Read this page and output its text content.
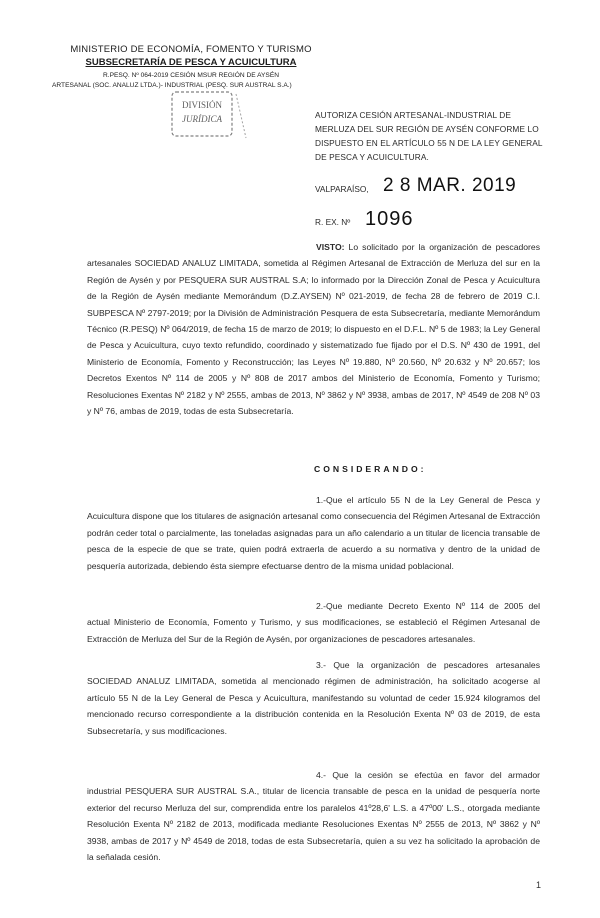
MINISTERIO DE ECONOMÍA, FOMENTO Y TURISMO
SUBSECRETARÍA DE PESCA Y ACUICULTURA
R.PESQ. Nº 064-2019 CESIÓN MSUR REGIÓN DE AYSÉN
ARTESANAL (SOC. ANALUZ LTDA.)- INDUSTRIAL (PESQ. SUR AUSTRAL S.A.)
DIVISIÓN
JURÍDICA	AUTORIZA CESIÓN ARTESANAL-INDUSTRIAL DE MERLUZA DEL SUR REGIÓN DE AYSÉN CONFORME LO DISPUESTO EN EL ARTÍCULO 55 N DE LA LEY GENERAL DE PESCA Y ACUICULTURA.
VALPARAÍSO, 2 8 MAR. 2019
R. EX. Nº 1096
VISTO: Lo solicitado por la organización de pescadores artesanales SOCIEDAD ANALUZ LIMITADA, sometida al Régimen Artesanal de Extracción de Merluza del sur en la Región de Aysén y por PESQUERA SUR AUSTRAL S.A; lo informado por la Dirección Zonal de Pesca y Acuicultura de la Región de Aysén mediante Memorándum (D.Z.AYSEN) Nº 021-2019, de fecha 28 de febrero de 2019 C.I. SUBPESCA Nº 2797-2019; por la División de Administración Pesquera de esta Subsecretaría, mediante Memorándum Técnico (R.PESQ) Nº 064/2019, de fecha 15 de marzo de 2019; lo dispuesto en el D.F.L. Nº 5 de 1983; la Ley General de Pesca y Acuicultura, cuyo texto refundido, coordinado y sistematizado fue fijado por el D.S. Nº 430 de 1991, del Ministerio de Economía, Fomento y Reconstrucción; las Leyes Nº 19.880, Nº 20.560, Nº 20.632 y Nº 20.657; los Decretos Exentos Nº 114 de 2005 y Nº 808 de 2017 ambos del Ministerio de Economía, Fomento y Turismo; Resoluciones Exentas Nº 2182 y Nº 2555, ambas de 2013, Nº 3862 y Nº 3938, ambas de 2017, Nº 4549 de 208 Nº 03 y Nº 76, ambas de 2019, todas de esta Subsecretaría.
CONSIDERANDO:
1.-Que el artículo 55 N de la Ley General de Pesca y Acuicultura dispone que los titulares de asignación artesanal como consecuencia del Régimen Artesanal de Extracción podrán ceder total o parcialmente, las toneladas asignadas para un año calendario a un titular de licencia transable de pesca de la especie de que se trate, quien podrá extraerla de acuerdo a su normativa y dentro de la unidad de pesquería autorizada, debiendo ésta siempre efectuarse dentro de la misma unidad poblacional.
2.-Que mediante Decreto Exento Nº 114 de 2005 del actual Ministerio de Economía, Fomento y Turismo, y sus modificaciones, se estableció el Régimen Artesanal de Extracción de Merluza del Sur de la Región de Aysén, por organizaciones de pescadores artesanales.
3.- Que la organización de pescadores artesanales SOCIEDAD ANALUZ LIMITADA, sometida al mencionado régimen de administración, ha solicitado acogerse al artículo 55 N de la Ley General de Pesca y Acuicultura, manifestando su voluntad de ceder 15.924 kilogramos del mencionado recurso correspondiente a la distribución contenida en la Resolución Exenta Nº 03 de 2019, de esta Subsecretaría, y sus modificaciones.
4.- Que la cesión se efectúa en favor del armador industrial PESQUERA SUR AUSTRAL S.A., titular de licencia transable de pesca en la unidad de pesquería norte exterior del recurso Merluza del sur, comprendida entre los paralelos 41º28,6' L.S. a 47º00' L.S., otorgada mediante Resolución Exenta Nº 2182 de 2013, modificada mediante Resoluciones Exentas Nº 2555 de 2013, Nº 3862 y Nº 3938, ambas de 2017 y Nº 4549 de 2018, todas de esta Subsecretaría, quien a su vez ha solicitado la aprobación de la señalada cesión.
1
